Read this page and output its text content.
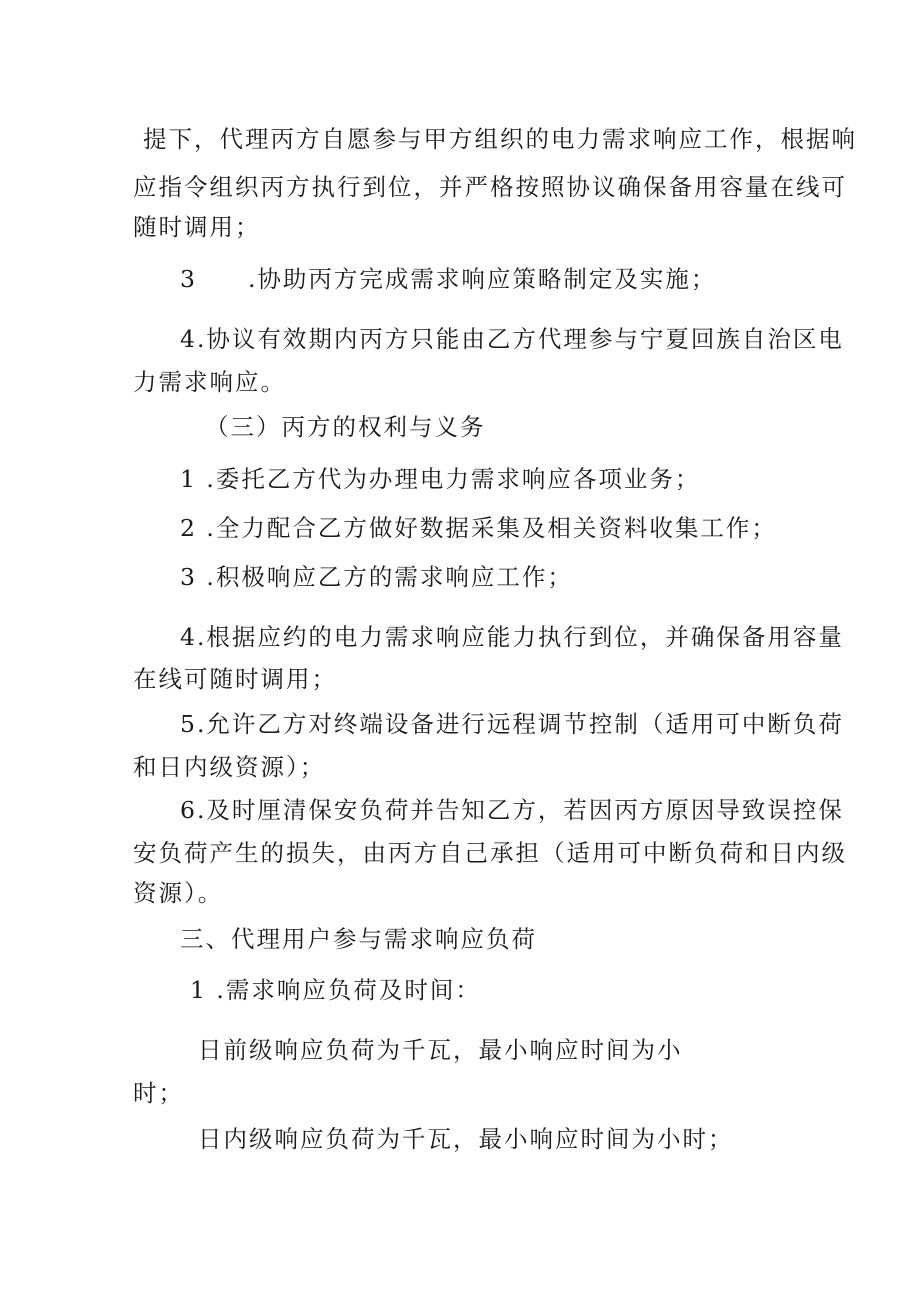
提下，代理丙方自愿参与甲方组织的电力需求响应工作，根据响
应指令组织丙方执行到位，并严格按照协议确保备用容量在线可
随时调用；
3　　.协助丙方完成需求响应策略制定及实施；
4.协议有效期内丙方只能由乙方代理参与宁夏回族自治区电
力需求响应。
（三）丙方的权利与义务
1 .委托乙方代为办理电力需求响应各项业务；
2 .全力配合乙方做好数据采集及相关资料收集工作；
3 .积极响应乙方的需求响应工作；
4.根据应约的电力需求响应能力执行到位，并确保备用容量
在线可随时调用；
5.允许乙方对终端设备进行远程调节控制（适用可中断负荷
和日内级资源）；
6.及时厘清保安负荷并告知乙方，若因丙方原因导致误控保
安负荷产生的损失，由丙方自己承担（适用可中断负荷和日内级
资源）。
三、代理用户参与需求响应负荷
1 .需求响应负荷及时间：
日前级响应负荷为千瓦，最小响应时间为小
时；
日内级响应负荷为千瓦，最小响应时间为小时；
